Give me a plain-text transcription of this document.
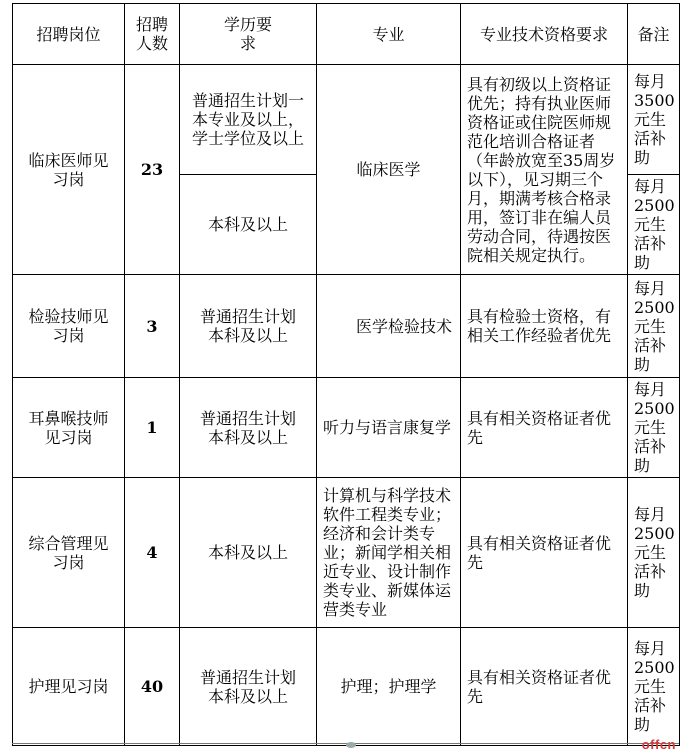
招聘岗位	招聘人数	学历要求	专业	专业技术资格要求	备注
临床医师见习岗	23	普通招生计划一本专业及以上，学士学位及以上	临床医学	具有初级以上资格证优先；持有执业医师资格证或住院医师规范化培训合格证者（年龄放宽至35周岁以下），见习期三个月，期满考核合格录用，签订非在编人员劳动合同，待遇按医院相关规定执行。	每月3500元生活补助
		本科及以上			每月2500元生活补助
检验技师见习岗	3	普通招生计划本科及以上	医学检验技术	具有检验士资格，有相关工作经验者优先	每月2500元生活补助
耳鼻喉技师见习岗	1	普通招生计划本科及以上	听力与语言康复学	具有相关资格证者优先	每月2500元生活补助
综合管理见习岗	4	本科及以上	计算机与科学技术软件工程类专业；经济和会计类专业；新闻学相关相近专业、设计制作类专业、新媒体运营类专业	具有相关资格证者优先	每月2500元生活补助
护理见习岗	40	普通招生计划本科及以上	护理；护理学	具有相关资格证者优先	每月2500元生活补助
offcn
